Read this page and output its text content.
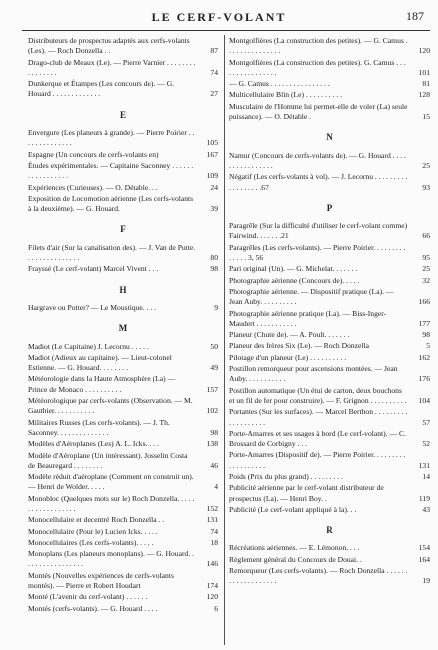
LE CERF-VOLANT	187
Distributeurs de prospectus adaptés aux cerfs-volants (Les). — Roch Donzella . .	87
Drago-club de Meaux (Le). — Pierre Varnier . . . . . . . . . . . . . . . .	74
Dunkerque et Étampes (Les concours de). — G. Houard . . . . . . . . . . . . .	27
E
Envergure (Les planeurs à grande). — Pierre Poirier . . . . . . . . . . . . . .	105
Espagne (Un concours de cerfs-volants en)	167
Études expérimentales. — Capitaine Saconney . . . . . . . . . . . . . . . . .	109
Expériences (Curieuses). — O. Détable. . .	24
Exposition de Locomotion aérienne (Les cerfs-volants à la deuxième). — G. Houard.	39
F
Filets d'air (Sur la canalisation des). — J. Van de Putte. . . . . . . . . . . . . . .	80
Frayssé (Le cerf-volant) Marcel Vivent . . .	98
H
Hargrave ou Potter? — Le Moustique. . . .	9
M
Madiot (Le Capitaine) J. Lecornu . . . . .	50
Madiot (Adieux au capitaine). — Lieut-colonel Estienne. — G. Houard. . . . . . . .	49
Météorologie dans la Haute Atmosphère (La) — Prince de Monaco . . . . . . . . . .	157
Météorologique par cerfs-volants (Observation. — M. Gauthier. . . . . . . . . . .	102
Militaires Russes (Les cerfs-volants). — J. Th. Saconney. . . . . . . . . . . . . .	98
Modèles d'Aéroplanes (Les) A. L. Icks. . . .	138
Modèle d'Aéroplane (Un intéressant). Josselin Costa de Beauregard . . . . . . . .	46
Modèle réduit d'aéroplane (Comment on construit un). — Henri de Wolder. . . . .	4
Monobloc (Quelques mots sur le) Roch Donzella. . . . . . . . . . . . . . . . . .	152
Monocellulaire et decentré Roch Donzella . .	131
Monocellulaire (Pour le) Lucien Icks. . . . .	74
Monocellulaires (Les cerfs-volants). . . . .	18
Monoplans (Les planeurs monoplans). — G. Houard. . . . . . . . . . . . . . . . .	146
Montés (Nouvelles expériences de cerfs-volants montés). — Pierre et Robert Houdart	174
Monté (L'avenir du cerf-volant) . . . . . .	120
Montés (cerfs-volants). — G. Houard . . . .	6
Montgolfières (La construction des petites). — G. Camus . . . . . . . . . . . . . . .	120
Montgolfières (La construction des petites). G. Camus . . . . . . . . . . . . . . . .	101
— G. Camus . . . . . . . . . . . . . . . .	81
Multicellulaire Blin (Le) . . . . . . . . . .	128
Musculaire de l'Homme lui permet-elle de voler (La) seule puissance). — O. Détable .	15
N
Namur (Concours de cerfs-volants de). — G. Houard . . . . . . . . . . . . . . . .	25
Négatif (Les cerfs-volants à vol). — J. Lecornu . . . . . . . . . . . . . . . . . .67	93
P
Paragrêle (Sur la difficulté d'utiliser le cerf-volant comme) Fairwind. . . . . . .21	66
Paragrêles (Les cerfs-volants). — Pierre Poirier. . . . . . . . . . . . . . 3, 56	95
Pari original (Un). — G. Michelat. . . . . . .	25
Photographie aérienne (Concours de). . . . .	32
Photographie aérienne. — Dispositif pratique (La). — Jean Auby. . . . . . . . . .	166
Photographie aérienne pratique (La). — Biss-Inger-Maudert . . . . . . . . . . .	177
Planeur (Chute de). — A. Poult. . . . . . .	98
Planeur des frères Six (Le). — Roch Donzella	5
Pilotage d'un planeur (Le) . . . . . . . . . .	162
Postillon remorqueur pour ascensions montées. — Jean Auby. . . . . . . . . . .	176
Postillon automatique (Un étui de carton, deux bouchons et un fil de fer pour construire). — F. Grignon . . . . . . . . . .	104
Portantes (Sur les surfaces). — Marcel Berthon . . . . . . . . . . . . . . . . . . .	57
Porte-Amarres et ses usages à bord (Le cerf-volant). — C. Brossard de Corbigny . . .	52
Porte-Amarres (Dispositif de). — Pierre Poirier. . . . . . . . . . . . . . . . . . .	131
Poids (Prix du plus grand) . . . . . . . . .	14
Publicité aérienne par le cerf-volant distributeur de prospectus (La). — Henri Boy. .	119
Publicité (Le cerf-volant appliqué à la). . .	43
R
Récréations aériennes. — E. Lémonon. . . .	154
Règlement général du Concours de Douai. .	164
Remorqueur (Les cerfs-volants). — Roch Donzella . . . . . . . . . . . . . . . . . . .	19
